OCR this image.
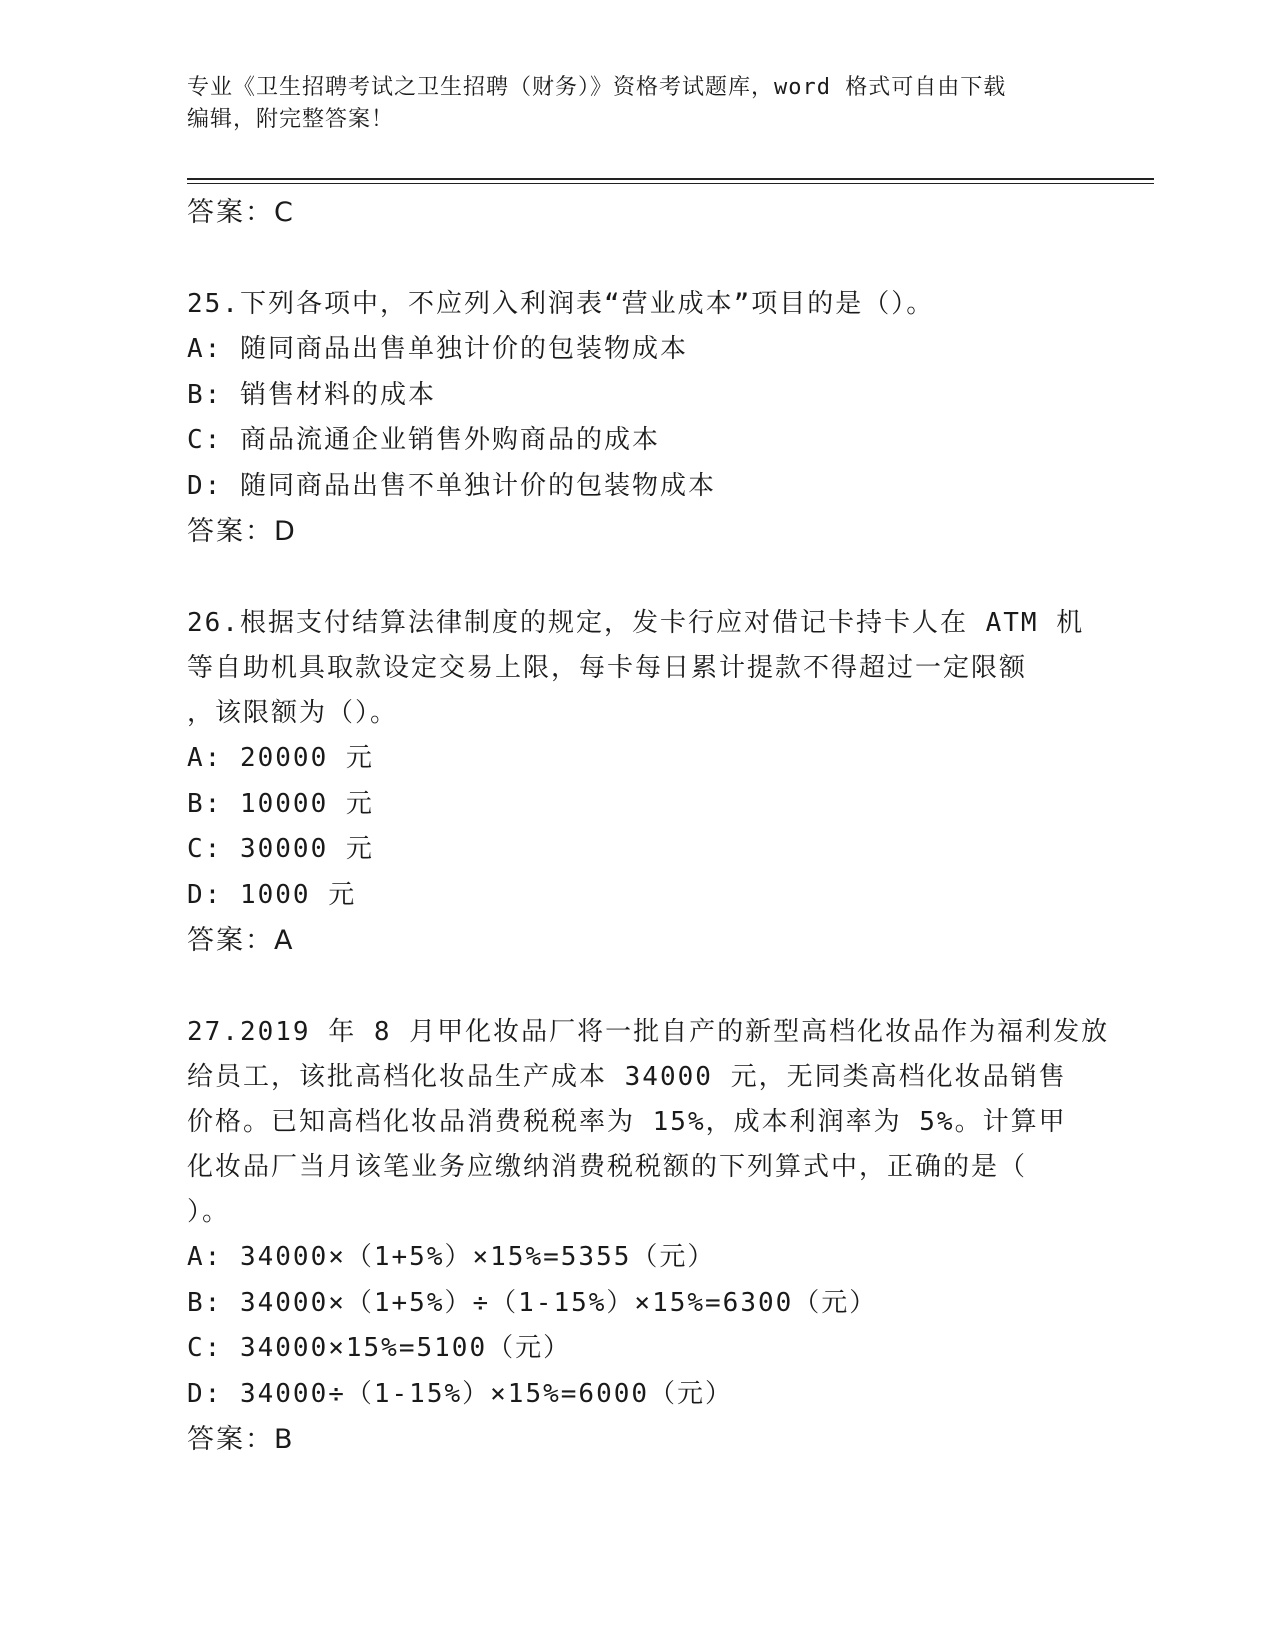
专业《卫生招聘考试之卫生招聘（财务）》资格考试题库，word 格式可自由下载
编辑，附完整答案！
答案：C
25.下列各项中，不应列入利润表“营业成本”项目的是（）。
A: 随同商品出售单独计价的包装物成本
B: 销售材料的成本
C: 商品流通企业销售外购商品的成本
D: 随同商品出售不单独计价的包装物成本
答案：D
26.根据支付结算法律制度的规定，发卡行应对借记卡持卡人在 ATM 机
等自助机具取款设定交易上限，每卡每日累计提款不得超过一定限额
，该限额为（）。
A: 20000 元
B: 10000 元
C: 30000 元
D: 1000 元
答案：A
27.2019 年 8 月甲化妆品厂将一批自产的新型高档化妆品作为福利发放
给员工，该批高档化妆品生产成本 34000 元，无同类高档化妆品销售
价格。已知高档化妆品消费税税率为 15%，成本利润率为 5%。计算甲
化妆品厂当月该笔业务应缴纳消费税税额的下列算式中，正确的是（
）。
A: 34000×（1+5%）×15%=5355（元）
B: 34000×（1+5%）÷（1-15%）×15%=6300（元）
C: 34000×15%=5100（元）
D: 34000÷（1-15%）×15%=6000（元）
答案：B
